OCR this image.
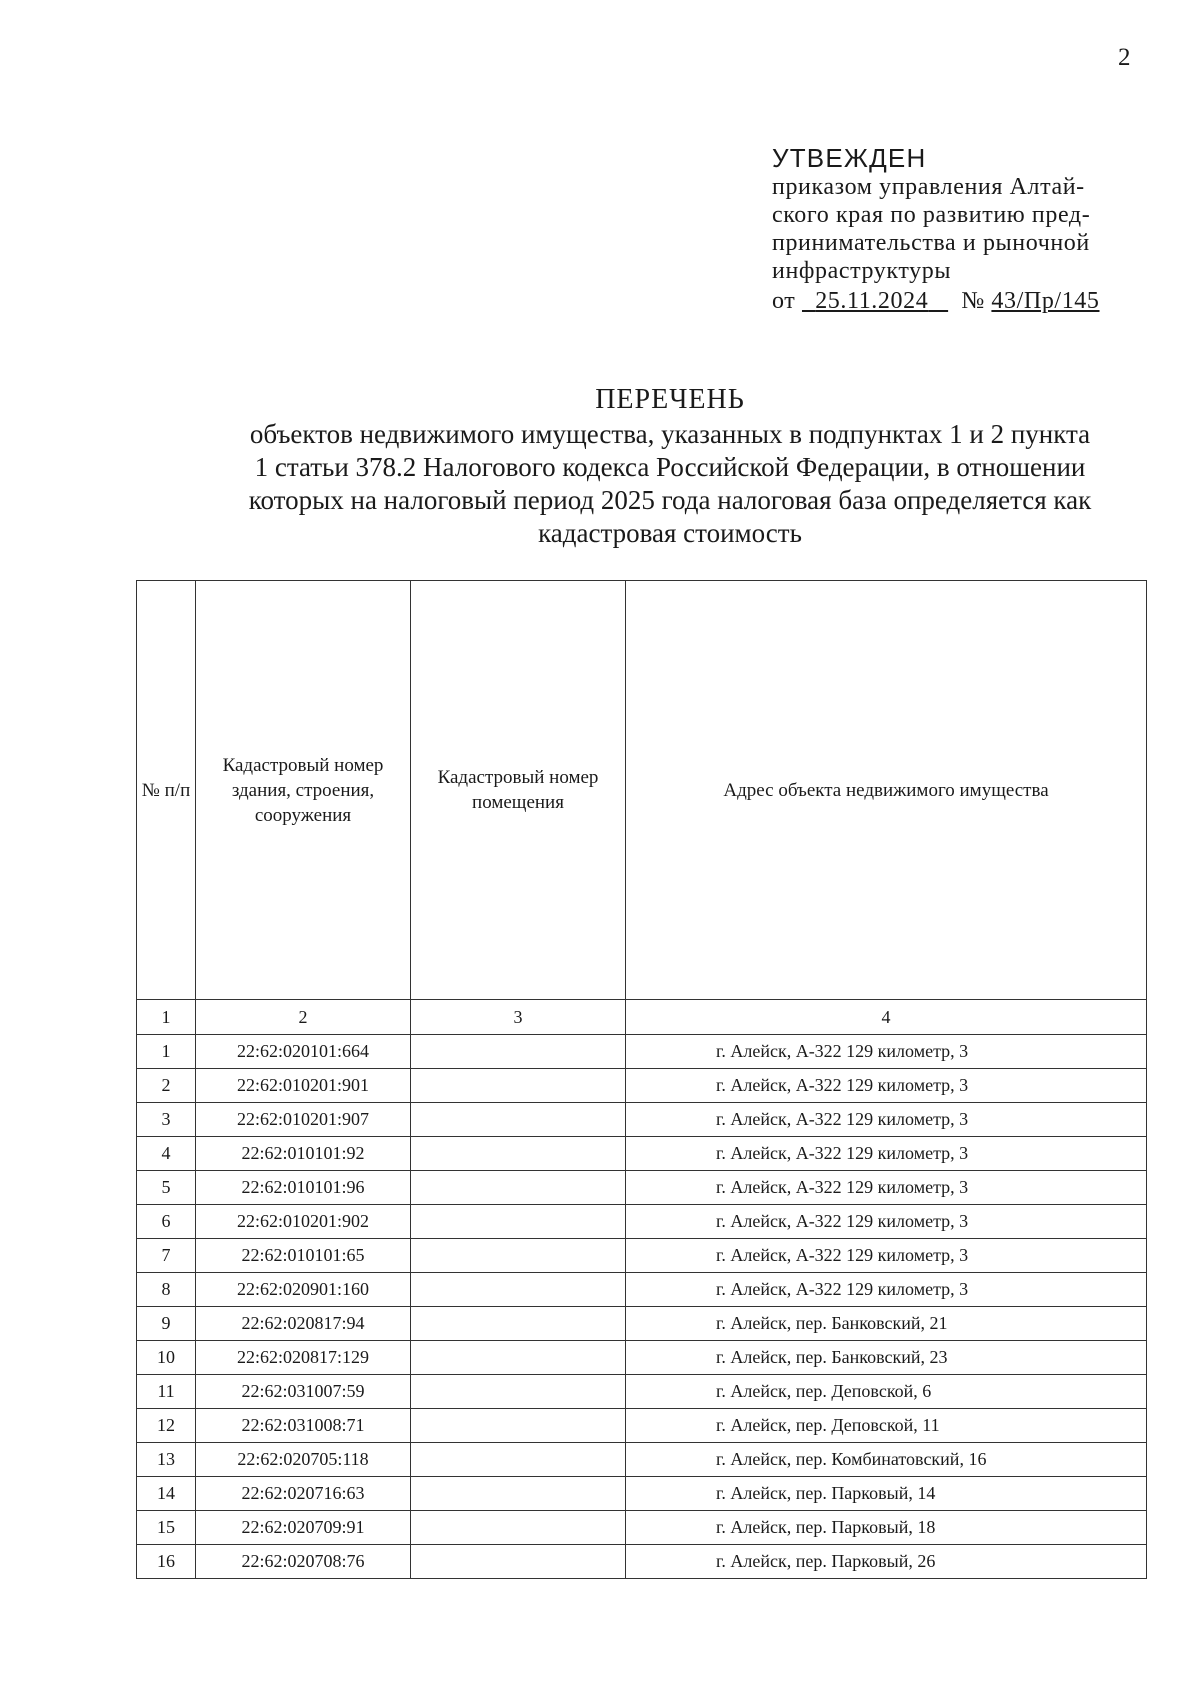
2
УТВЕЖДЕН
приказом управления Алтай-
ского края по развитию пред-
принимательства и рыночной
инфраструктуры
от 25.11.2024 № 43/Пр/145
ПЕРЕЧЕНЬ
объектов недвижимого имущества, указанных в подпунктах 1 и 2 пункта
1 статьи 378.2 Налогового кодекса Российской Федерации, в отношении
которых на налоговый период 2025 года налоговая база определяется как
кадастровая стоимость
№ п/п	Кадастровый номер здания, строения, сооружения	Кадастровый номер помещения	Адрес объекта недвижимого имущества
1	2	3	4
1	22:62:020101:664		г. Алейск, А-322 129 километр, 3
2	22:62:010201:901		г. Алейск, А-322 129 километр, 3
3	22:62:010201:907		г. Алейск, А-322 129 километр, 3
4	22:62:010101:92		г. Алейск, А-322 129 километр, 3
5	22:62:010101:96		г. Алейск, А-322 129 километр, 3
6	22:62:010201:902		г. Алейск, А-322 129 километр, 3
7	22:62:010101:65		г. Алейск, А-322 129 километр, 3
8	22:62:020901:160		г. Алейск, А-322 129 километр, 3
9	22:62:020817:94		г. Алейск, пер. Банковский, 21
10	22:62:020817:129		г. Алейск, пер. Банковский, 23
11	22:62:031007:59		г. Алейск, пер. Деповской, 6
12	22:62:031008:71		г. Алейск, пер. Деповской, 11
13	22:62:020705:118		г. Алейск, пер. Комбинатовский, 16
14	22:62:020716:63		г. Алейск, пер. Парковый, 14
15	22:62:020709:91		г. Алейск, пер. Парковый, 18
16	22:62:020708:76		г. Алейск, пер. Парковый, 26
